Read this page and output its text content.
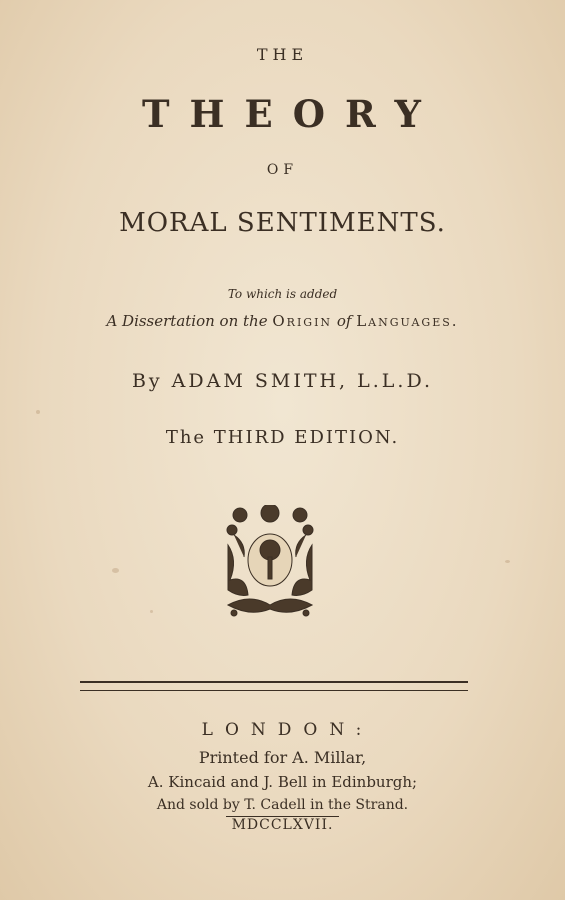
THE
THEORY
OF
MORAL SENTIMENTS.
To which is added
A Dissertation on the Origin of Languages.
By ADAM SMITH, L.L.D.
The THIRD EDITION.
LONDON:
Printed for A. Millar,
A. Kincaid and J. Bell in Edinburgh;
And sold by T. Cadell in the Strand.
MDCCLXVII.
